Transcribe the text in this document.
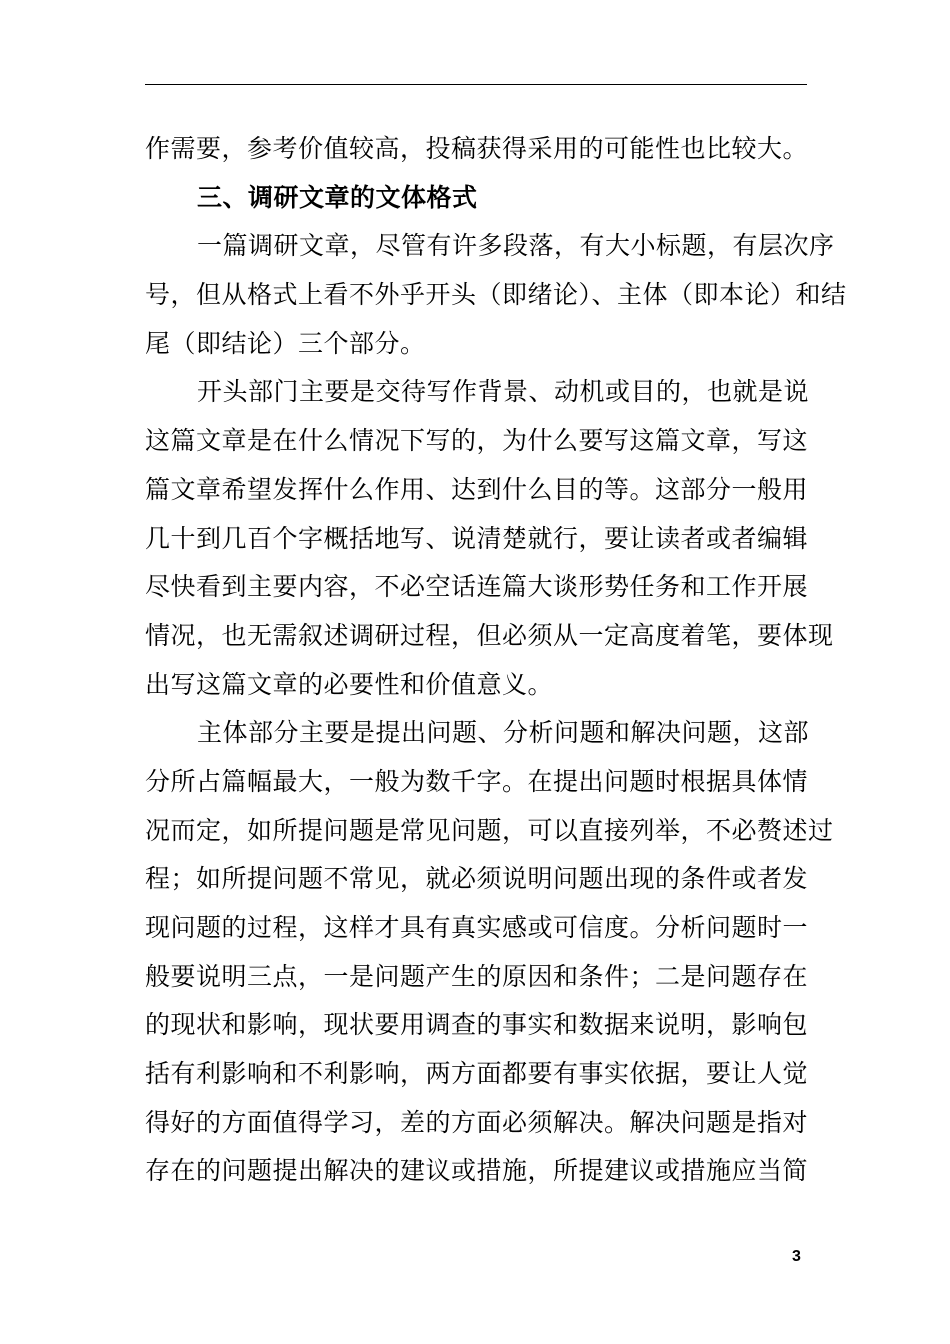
作需要，参考价值较高，投稿获得采用的可能性也比较大。
三、调研文章的文体格式
一篇调研文章，尽管有许多段落，有大小标题，有层次序
号，但从格式上看不外乎开头（即绪论）、主体（即本论）和结
尾（即结论）三个部分。
开头部门主要是交待写作背景、动机或目的，也就是说
这篇文章是在什么情况下写的，为什么要写这篇文章，写这
篇文章希望发挥什么作用、达到什么目的等。这部分一般用
几十到几百个字概括地写、说清楚就行，要让读者或者编辑
尽快看到主要内容，不必空话连篇大谈形势任务和工作开展
情况，也无需叙述调研过程，但必须从一定高度着笔，要体现
出写这篇文章的必要性和价值意义。
主体部分主要是提出问题、分析问题和解决问题，这部
分所占篇幅最大，一般为数千字。在提出问题时根据具体情
况而定，如所提问题是常见问题，可以直接列举，不必赘述过
程；如所提问题不常见，就必须说明问题出现的条件或者发
现问题的过程，这样才具有真实感或可信度。分析问题时一
般要说明三点，一是问题产生的原因和条件；二是问题存在
的现状和影响，现状要用调查的事实和数据来说明，影响包
括有利影响和不利影响，两方面都要有事实依据，要让人觉
得好的方面值得学习，差的方面必须解决。解决问题是指对
存在的问题提出解决的建议或措施，所提建议或措施应当简
3
